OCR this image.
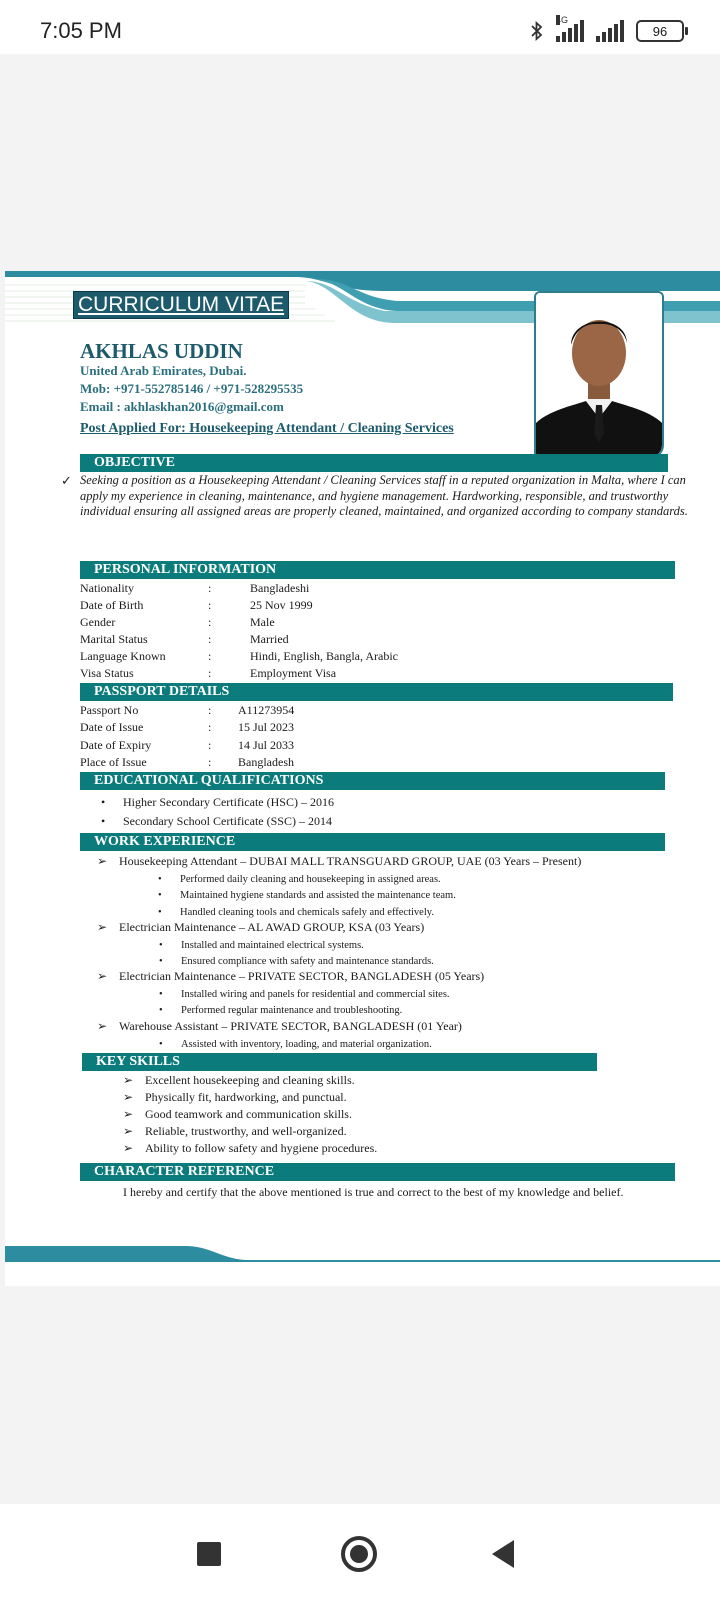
7:05 PM	4G
96
CURRICULUM VITAE
AKHLAS UDDIN
United Arab Emirates, Dubai.
Mob: +971-552785146 / +971-528295535
Email : akhlaskhan2016@gmail.com
Post Applied For: Housekeeping Attendant / Cleaning Services
OBJECTIVE
✓ Seeking a position as a Housekeeping Attendant / Cleaning Services staff in a reputed organization in Malta, where I can apply my experience in cleaning, maintenance, and hygiene management. Hardworking, responsible, and trustworthy individual ensuring all assigned areas are properly cleaned, maintained, and organized according to company standards.
PERSONAL INFORMATION
Nationality	:	Bangladeshi
Date of Birth	:	25 Nov 1999
Gender	:	Male
Marital Status	:	Married
Language Known	:	Hindi, English, Bangla, Arabic
Visa Status	:	Employment Visa
PASSPORT DETAILS
Passport No	: A11273954
Date of Issue	: 15 Jul 2023
Date of Expiry	: 14 Jul 2033
Place of Issue	: Bangladesh
EDUCATIONAL QUALIFICATIONS
• Higher Secondary Certificate (HSC) – 2016
• Secondary School Certificate (SSC) – 2014
WORK EXPERIENCE
➢ Housekeeping Attendant – DUBAI MALL TRANSGUARD GROUP, UAE (03 Years – Present)
• Performed daily cleaning and housekeeping in assigned areas.
• Maintained hygiene standards and assisted the maintenance team.
• Handled cleaning tools and chemicals safely and effectively.
➢ Electrician Maintenance – AL AWAD GROUP, KSA (03 Years)
• Installed and maintained electrical systems.
• Ensured compliance with safety and maintenance standards.
➢ Electrician Maintenance – PRIVATE SECTOR, BANGLADESH (05 Years)
• Installed wiring and panels for residential and commercial sites.
• Performed regular maintenance and troubleshooting.
➢ Warehouse Assistant – PRIVATE SECTOR, BANGLADESH (01 Year)
• Assisted with inventory, loading, and material organization.
KEY SKILLS
➢ Excellent housekeeping and cleaning skills.
➢ Physically fit, hardworking, and punctual.
➢ Good teamwork and communication skills.
➢ Reliable, trustworthy, and well-organized.
➢ Ability to follow safety and hygiene procedures.
CHARACTER REFERENCE
I hereby and certify that the above mentioned is true and correct to the best of my knowledge and belief.
